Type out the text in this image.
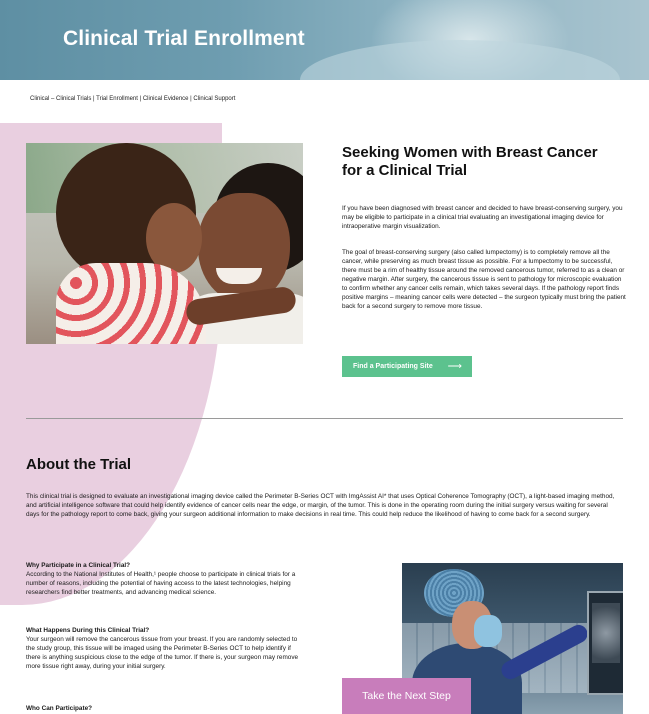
Clinical Trial Enrollment
Clinical – Clinical Trials | Trial Enrollment | Clinical Evidence | Clinical Support
Seeking Women with Breast Cancer for a Clinical Trial

If you have been diagnosed with breast cancer and decided to have breast-conserving surgery, you may be eligible to participate in a clinical trial evaluating an investigational imaging device for intraoperative margin visualization.

The goal of breast-conserving surgery (also called lumpectomy) is to completely remove all the cancer, while preserving as much breast tissue as possible. For a lumpectomy to be successful, there must be a rim of healthy tissue around the removed cancerous tumor, referred to as a clean or negative margin. After surgery, the cancerous tissue is sent to pathology for microscopic evaluation to confirm whether any cancer cells remain, which takes several days. If the pathology report finds positive margins – meaning cancer cells were detected – the surgeon typically must bring the patient back for a second surgery to remove more tissue.

Find a Participating Site ⟶
About the Trial

This clinical trial is designed to evaluate an investigational imaging device called the Perimeter B-Series OCT with ImgAssist AI* that uses Optical Coherence Tomography (OCT), a light-based imaging method, and artificial intelligence software that could help identify evidence of cancer cells near the edge, or margin, of the tumor. This is done in the operating room during the initial surgery versus waiting for several days for the pathology report to come back, giving your surgeon additional information to make decisions in real time. This could help reduce the likelihood of having to come back for a second surgery.

Why Participate in a Clinical Trial?
According to the National Institutes of Health,¹ people choose to participate in clinical trials for a number of reasons, including the potential of having access to the latest technologies, helping researchers find better treatments, and advancing medical science.
What Happens During this Clinical Trial?
Your surgeon will remove the cancerous tissue from your breast. If you are randomly selected to the study group, this tissue will be imaged using the Perimeter B-Series OCT to help identify if there is anything suspicious close to the edge of the tumor. If there is, your surgeon may remove more tissue right away, during your initial surgery.
Who Can Participate?
Take the Next Step
